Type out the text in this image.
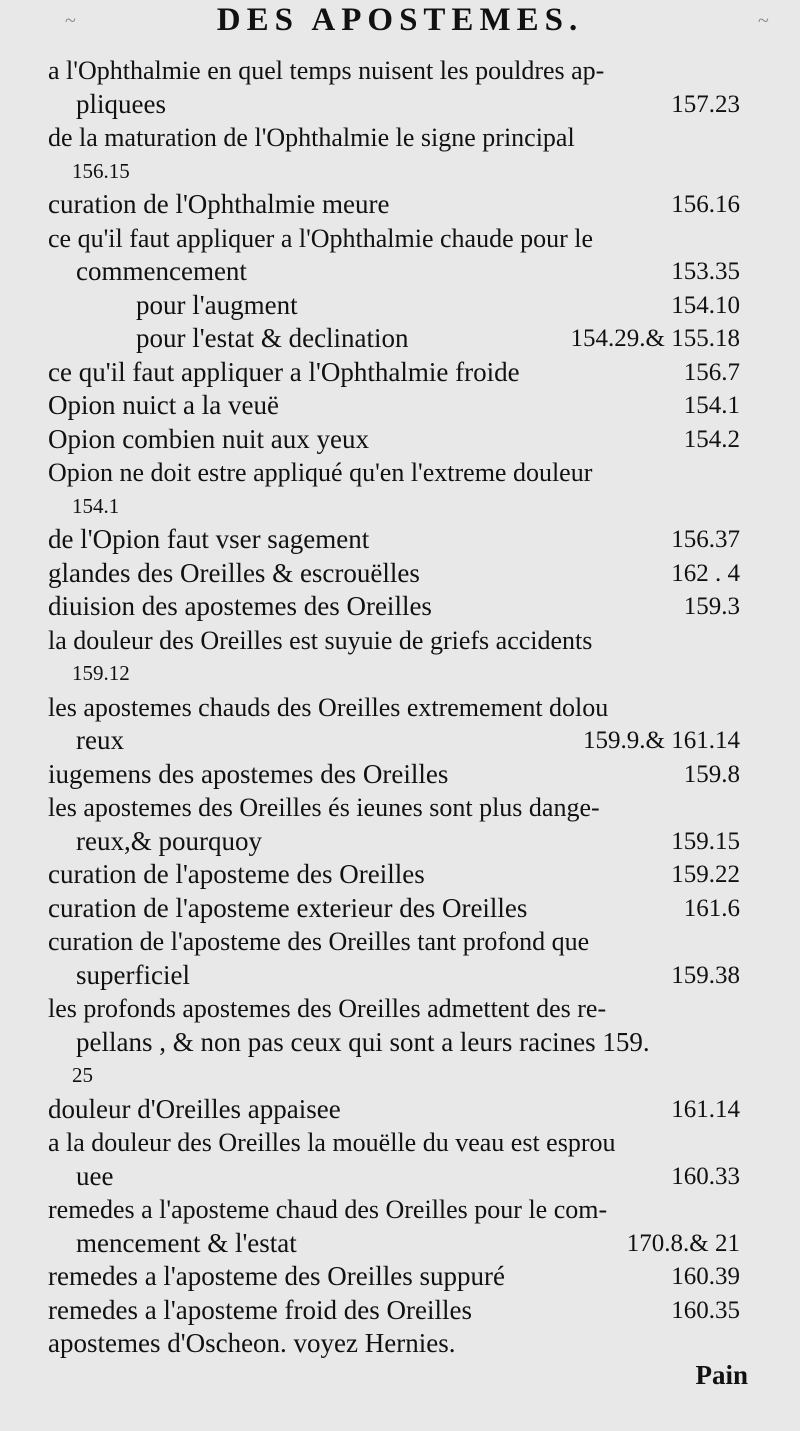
~	DES APOSTEMES.	~
a l'Ophthalmie en quel temps nuisent les pouldres ap-
pliquees	157.23
de la maturation de l'Ophthalmie le signe principal
156.15
curation de l'Ophthalmie meure	156.16
ce qu'il faut appliquer a l'Ophthalmie chaude pour le
commencement	153.35
pour l'augment	154.10
pour l'estat & declination	154.29.& 155.18
ce qu'il faut appliquer a l'Ophthalmie froide	156.7
Opion nuict a la veuë	154.1
Opion combien nuit aux yeux	154.2
Opion ne doit estre appliqué qu'en l'extreme douleur
154.1
de l'Opion faut vser sagement	156.37
glandes des Oreilles & escrouëlles	162 . 4
diuision des apostemes des Oreilles	159.3
la douleur des Oreilles est suyuie de griefs accidents
159.12
les apostemes chauds des Oreilles extremement dolou
reux	159.9.& 161.14
iugemens des apostemes des Oreilles	159.8
les apostemes des Oreilles és ieunes sont plus dange-
reux,& pourquoy	159.15
curation de l'aposteme des Oreilles	159.22
curation de l'aposteme exterieur des Oreilles	161.6
curation de l'aposteme des Oreilles tant profond que
superficiel	159.38
les profonds apostemes des Oreilles admettent des re-
pellans , & non pas ceux qui sont a leurs racines 159.
25
douleur d'Oreilles appaisee	161.14
a la douleur des Oreilles la mouëlle du veau est esprou
uee	160.33
remedes a l'aposteme chaud des Oreilles pour le com-
mencement & l'estat	170.8.& 21
remedes a l'aposteme des Oreilles suppuré	160.39
remedes a l'aposteme froid des Oreilles	160.35
apostemes d'Oscheon. voyez Hernies.
Pain
